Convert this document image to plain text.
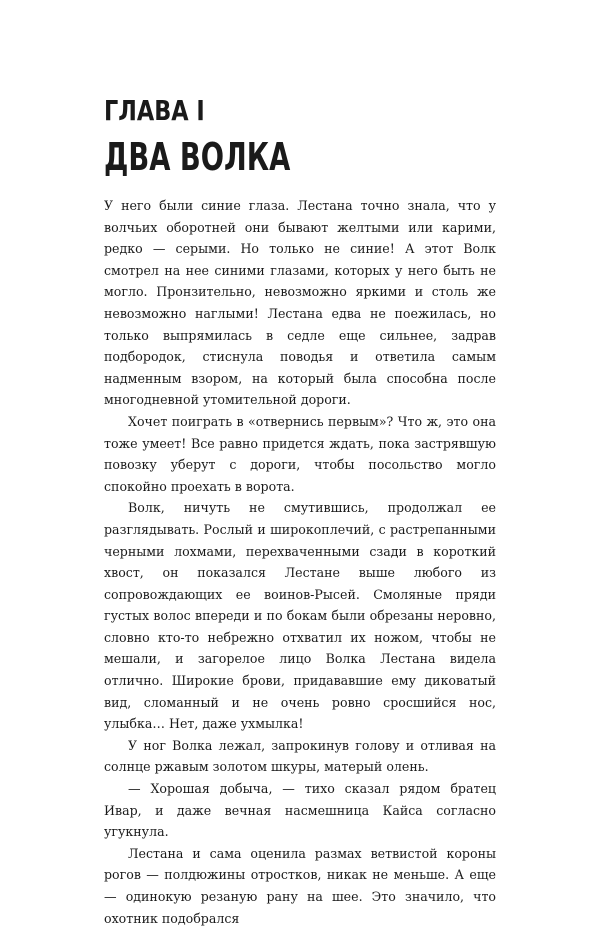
ГЛАВА I
ДВА ВОЛКА

У него были синие глаза. Лестана точно знала, что у волчьих оборотней они бывают желтыми или карими, редко — серыми. Но только не синие! А этот Волк смотрел на нее синими глазами, которых у него быть не могло. Пронзительно, невозможно яркими и столь же невозможно наглыми! Лестана едва не поежилась, но только выпрямилась в седле еще сильнее, задрав подбородок, стиснула поводья и ответила самым надменным взором, на который была способна после многодневной утомительной дороги.

Хочет поиграть в «отвернись первым»? Что ж, это она тоже умеет! Все равно придется ждать, пока застрявшую повозку уберут с дороги, чтобы посольство могло спокойно проехать в ворота.

Волк, ничуть не смутившись, продолжал ее разглядывать. Рослый и широкоплечий, с растрепанными черными лохмами, перехваченными сзади в короткий хвост, он показался Лестане выше любого из сопровождающих ее воинов-Рысей. Смоляные пряди густых волос впереди и по бокам были обрезаны неровно, словно кто-то небрежно отхватил их ножом, чтобы не мешали, и загорелое лицо Волка Лестана видела отлично. Широкие брови, придававшие ему диковатый вид, сломанный и не очень ровно сросшийся нос, улыбка… Нет, даже ухмылка!

У ног Волка лежал, запрокинув голову и отливая на солнце ржавым золотом шкуры, матерый олень.

— Хорошая добыча, — тихо сказал рядом братец Ивар, и даже вечная насмешница Кайса согласно угукнула.

Лестана и сама оценила размах ветвистой короны рогов — полдюжины отростков, никак не меньше. А еще — одинокую резаную рану на шее. Это значило, что охотник подобрался
